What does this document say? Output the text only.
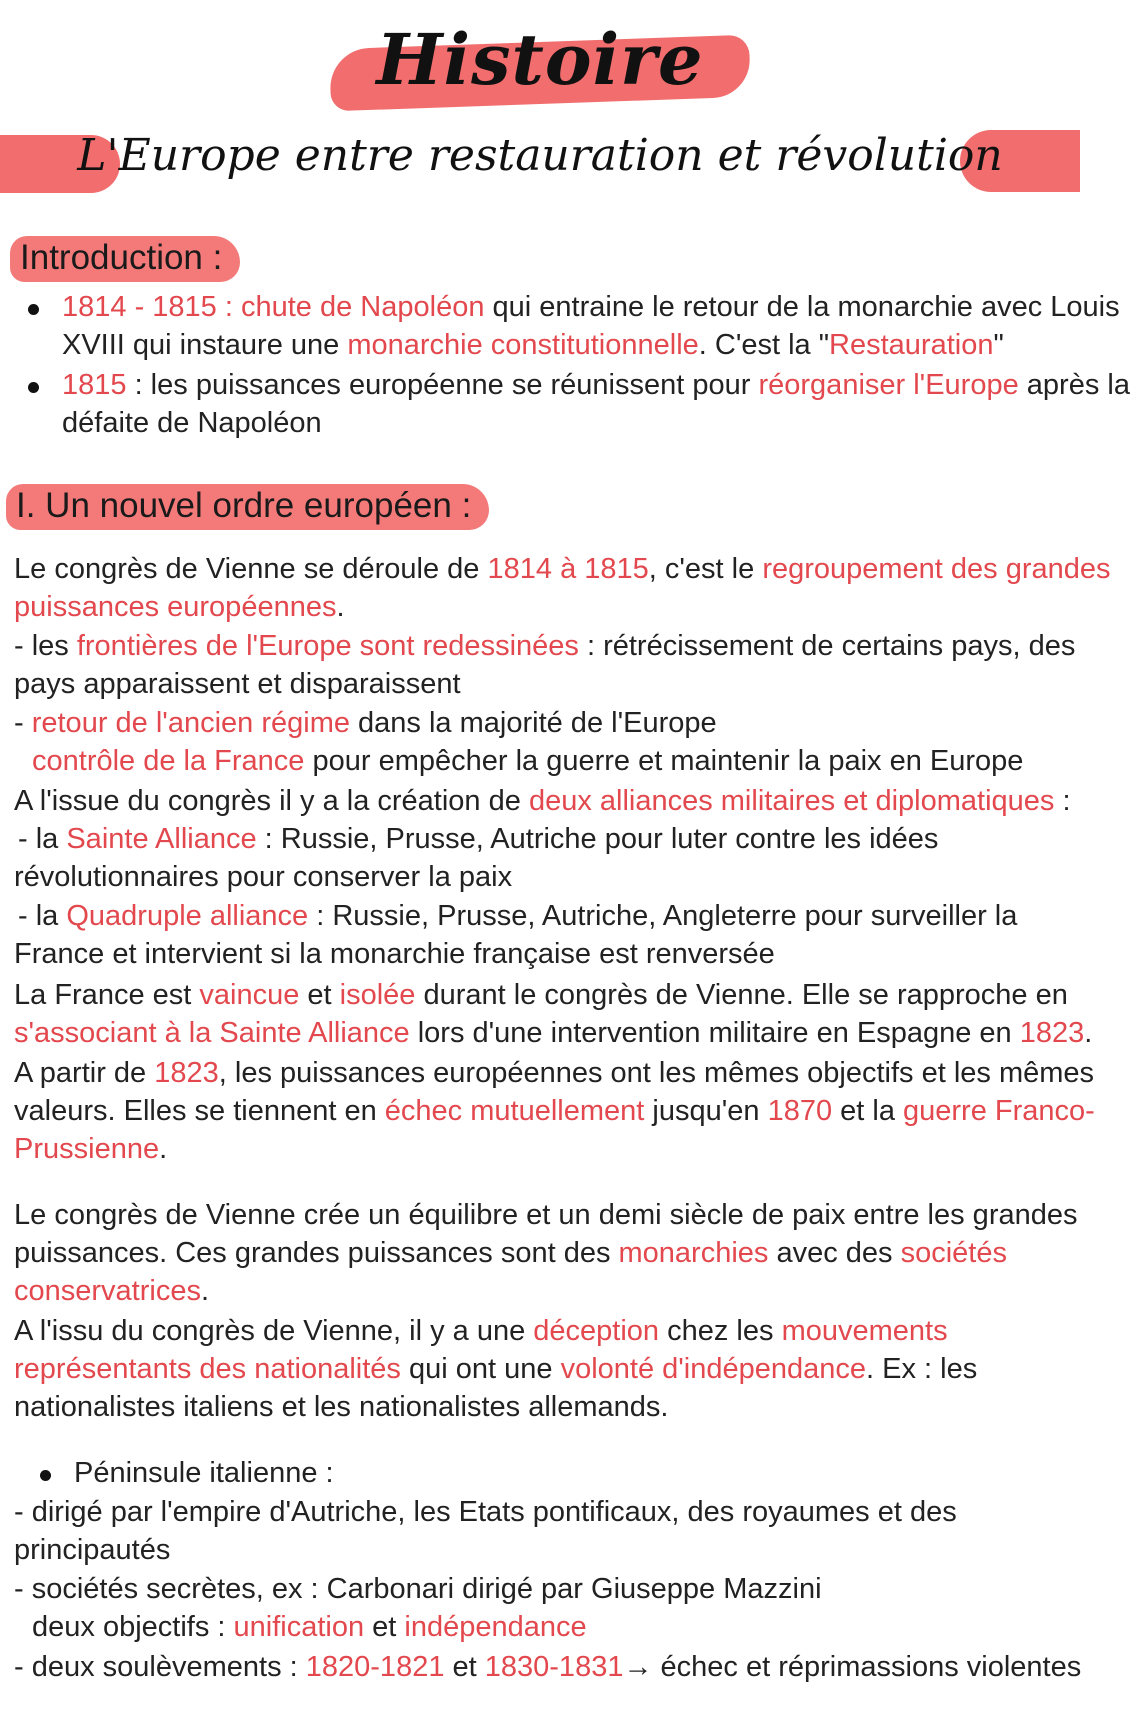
Histoire
L'Europe entre restauration et révolution
Introduction :
1814 - 1815 : chute de Napoléon qui entraine le retour de la monarchie avec Louis
XVIII qui instaure une monarchie constitutionnelle. C'est la "Restauration"
1815 : les puissances européenne se réunissent pour réorganiser l'Europe après la
défaite de Napoléon
I. Un nouvel ordre européen :
Le congrès de Vienne se déroule de 1814 à 1815, c'est le regroupement des grandes
puissances européennes.
- les frontières de l'Europe sont redessinées : rétrécissement de certains pays, des
pays apparaissent et disparaissent
- retour de l'ancien régime dans la majorité de l'Europe
contrôle de la France pour empêcher la guerre et maintenir la paix en Europe
A l'issue du congrès il y a la création de deux alliances militaires et diplomatiques :
- la Sainte Alliance : Russie, Prusse, Autriche pour luter contre les idées
révolutionnaires pour conserver la paix
- la Quadruple alliance : Russie, Prusse, Autriche, Angleterre pour surveiller la
France et intervient si la monarchie française est renversée
La France est vaincue et isolée durant le congrès de Vienne. Elle se rapproche en
s'associant à la Sainte Alliance lors d'une intervention militaire en Espagne en 1823.
A partir de 1823, les puissances européennes ont les mêmes objectifs et les mêmes
valeurs. Elles se tiennent en échec mutuellement jusqu'en 1870 et la guerre Franco-
Prussienne.
Le congrès de Vienne crée un équilibre et un demi siècle de paix entre les grandes
puissances. Ces grandes puissances sont des monarchies avec des sociétés
conservatrices.
A l'issu du congrès de Vienne, il y a une déception chez les mouvements
représentants des nationalités qui ont une volonté d'indépendance. Ex : les
nationalistes italiens et les nationalistes allemands.
Péninsule italienne :
- dirigé par l'empire d'Autriche, les Etats pontificaux, des royaumes et des
principautés
- sociétés secrètes, ex : Carbonari dirigé par Giuseppe Mazzini
deux objectifs : unification et indépendance
- deux soulèvements : 1820-1821 et 1830-1831→ échec et réprimassions violentes
